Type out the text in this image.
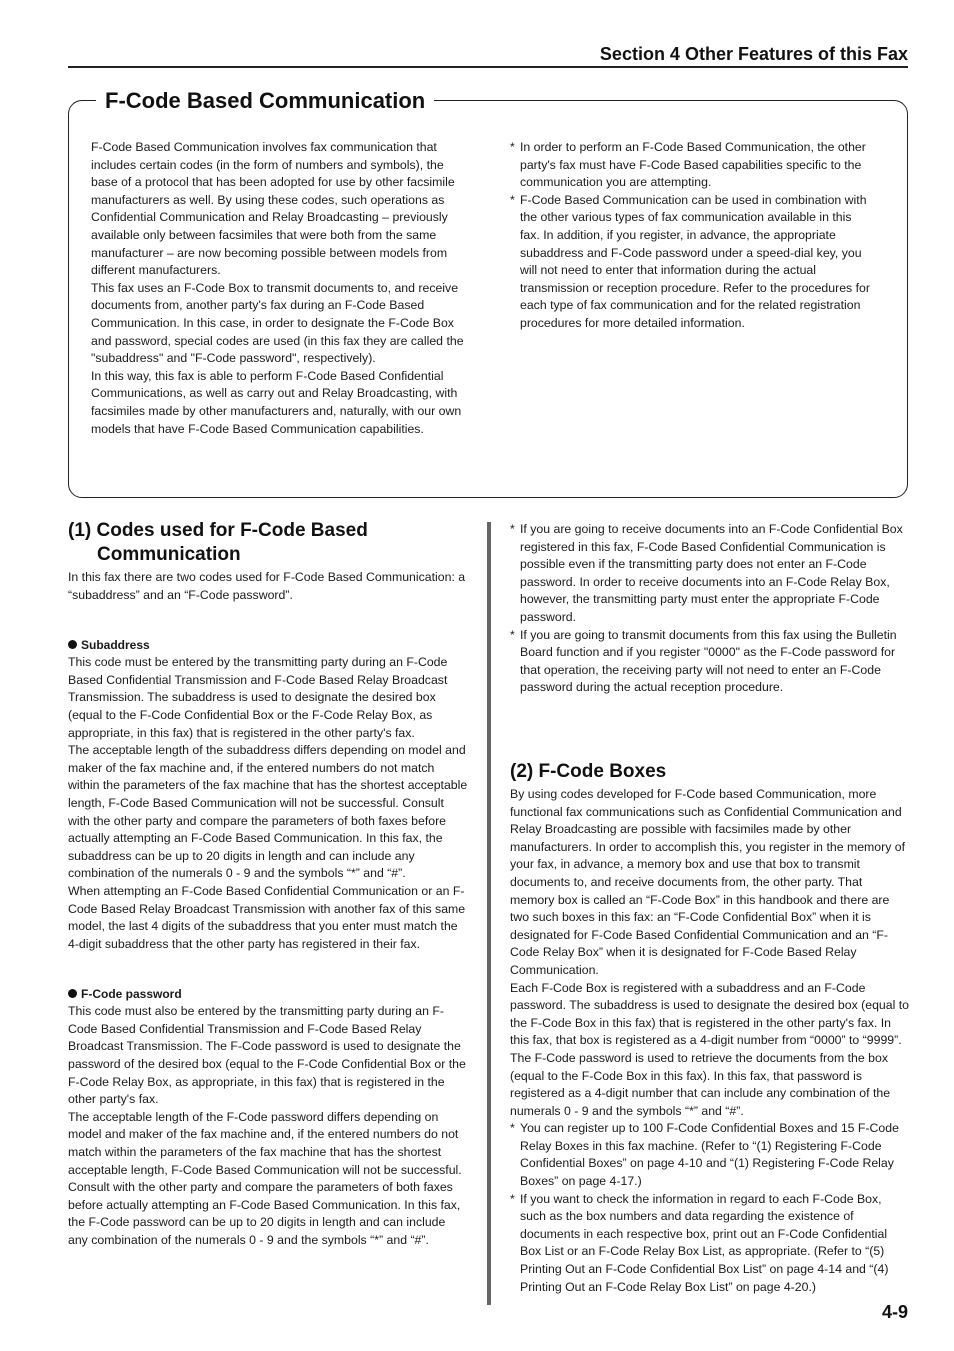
Section 4 Other Features of this Fax
F-Code Based Communication

F-Code Based Communication involves fax communication that includes certain codes (in the form of numbers and symbols), the base of a protocol that has been adopted for use by other facsimile manufacturers as well. By using these codes, such operations as Confidential Communication and Relay Broadcasting – previously available only between facsimiles that were both from the same manufacturer – are now becoming possible between models from different manufacturers.

This fax uses an F-Code Box to transmit documents to, and receive documents from, another party's fax during an F-Code Based Communication. In this case, in order to designate the F-Code Box and password, special codes are used (in this fax they are called the "subaddress" and "F-Code password", respectively).

In this way, this fax is able to perform F-Code Based Confidential Communications, as well as carry out and Relay Broadcasting, with facsimiles made by other manufacturers and, naturally, with our own models that have F-Code Based Communication capabilities.

* In order to perform an F-Code Based Communication, the other party's fax must have F-Code Based capabilities specific to the communication you are attempting.

* F-Code Based Communication can be used in combination with the other various types of fax communication available in this fax. In addition, if you register, in advance, the appropriate subaddress and F-Code password under a speed-dial key, you will not need to enter that information during the actual transmission or reception procedure. Refer to the procedures for each type of fax communication and for the related registration procedures for more detailed information.

(1) Codes used for F-Code Based Communication

In this fax there are two codes used for F-Code Based Communication: a “subaddress” and an “F-Code password”.

Subaddress

This code must be entered by the transmitting party during an F-Code Based Confidential Transmission and F-Code Based Relay Broadcast Transmission. The subaddress is used to designate the desired box (equal to the F-Code Confidential Box or the F-Code Relay Box, as appropriate, in this fax) that is registered in the other party's fax.

The acceptable length of the subaddress differs depending on model and maker of the fax machine and, if the entered numbers do not match within the parameters of the fax machine that has the shortest acceptable length, F-Code Based Communication will not be successful. Consult with the other party and compare the parameters of both faxes before actually attempting an F-Code Based Communication. In this fax, the subaddress can be up to 20 digits in length and can include any combination of the numerals 0 - 9 and the symbols “*” and “#”.

When attempting an F-Code Based Confidential Communication or an F-Code Based Relay Broadcast Transmission with another fax of this same model, the last 4 digits of the subaddress that you enter must match the 4-digit subaddress that the other party has registered in their fax.

F-Code password

This code must also be entered by the transmitting party during an F-Code Based Confidential Transmission and F-Code Based Relay Broadcast Transmission. The F-Code password is used to designate the password of the desired box (equal to the F-Code Confidential Box or the F-Code Relay Box, as appropriate, in this fax) that is registered in the other party's fax.

The acceptable length of the F-Code password differs depending on model and maker of the fax machine and, if the entered numbers do not match within the parameters of the fax machine that has the shortest acceptable length, F-Code Based Communication will not be successful. Consult with the other party and compare the parameters of both faxes before actually attempting an F-Code Based Communication. In this fax, the F-Code password can be up to 20 digits in length and can include any combination of the numerals 0 - 9 and the symbols “*” and “#”.

* If you are going to receive documents into an F-Code Confidential Box registered in this fax, F-Code Based Confidential Communication is possible even if the transmitting party does not enter an F-Code password. In order to receive documents into an F-Code Relay Box, however, the transmitting party must enter the appropriate F-Code password.

* If you are going to transmit documents from this fax using the Bulletin Board function and if you register "0000" as the F-Code password for that operation, the receiving party will not need to enter an F-Code password during the actual reception procedure.

(2) F-Code Boxes

By using codes developed for F-Code based Communication, more functional fax communications such as Confidential Communication and Relay Broadcasting are possible with facsimiles made by other manufacturers. In order to accomplish this, you register in the memory of your fax, in advance, a memory box and use that box to transmit documents to, and receive documents from, the other party. That memory box is called an “F-Code Box” in this handbook and there are two such boxes in this fax: an “F-Code Confidential Box” when it is designated for F-Code Based Confidential Communication and an “F-Code Relay Box” when it is designated for F-Code Based Relay Communication.

Each F-Code Box is registered with a subaddress and an F-Code password. The subaddress is used to designate the desired box (equal to the F-Code Box in this fax) that is registered in the other party's fax. In this fax, that box is registered as a 4-digit number from “0000” to “9999”. The F-Code password is used to retrieve the documents from the box (equal to the F-Code Box in this fax). In this fax, that password is registered as a 4-digit number that can include any combination of the numerals 0 - 9 and the symbols “*” and “#”.

* You can register up to 100 F-Code Confidential Boxes and 15 F-Code Relay Boxes in this fax machine. (Refer to “(1) Registering F-Code Confidential Boxes” on page 4-10 and “(1) Registering F-Code Relay Boxes” on page 4-17.)

* If you want to check the information in regard to each F-Code Box, such as the box numbers and data regarding the existence of documents in each respective box, print out an F-Code Confidential Box List or an F-Code Relay Box List, as appropriate. (Refer to “(5) Printing Out an F-Code Confidential Box List” on page 4-14 and “(4) Printing Out an F-Code Relay Box List” on page 4-20.)

4-9
